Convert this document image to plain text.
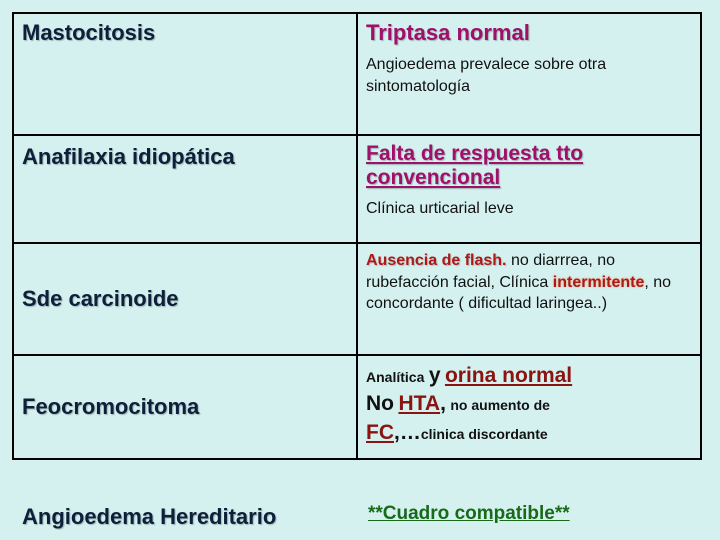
Mastocitosis	Triptasa normal
Angioedema prevalece sobre otra sintomatología

Anafilaxia idiopática	Falta de respuesta tto convencional
Clínica urticarial leve

Sde carcinoide	Ausencia de flash. no diarrrea, no rubefacción facial, Clínica intermitente, no concordante ( dificultad laringea..)

Feocromocitoma	Analítica y orina normal
No HTA, no aumento de
FC,…clinica discordante
Angioedema Hereditario	**Cuadro compatible**
